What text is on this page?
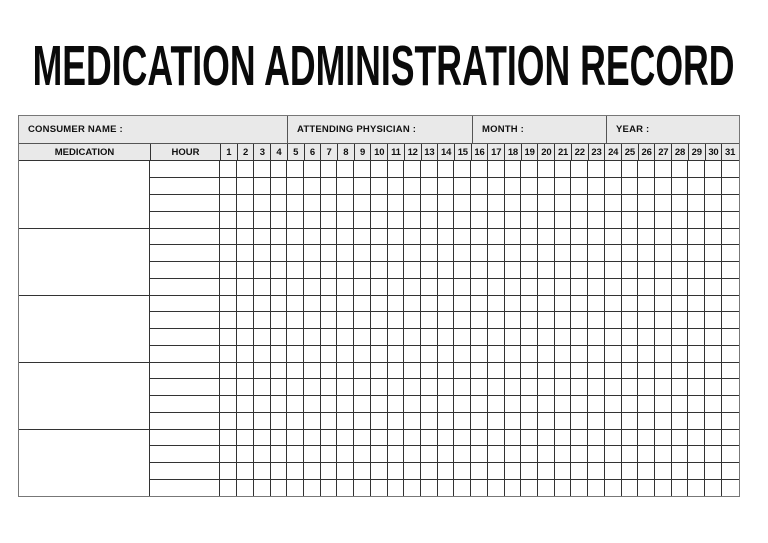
MEDICATION ADMINISTRATION RECORD
CONSUMER NAME :	ATTENDING PHYSICIAN :	MONTH :	YEAR :
MEDICATION	HOUR	1	2	3	4	5	6	7	8	9 10 11 12 13 14 15 16 17 18 19 20 21 22 23 24 25 26 27 28 29 30 31
